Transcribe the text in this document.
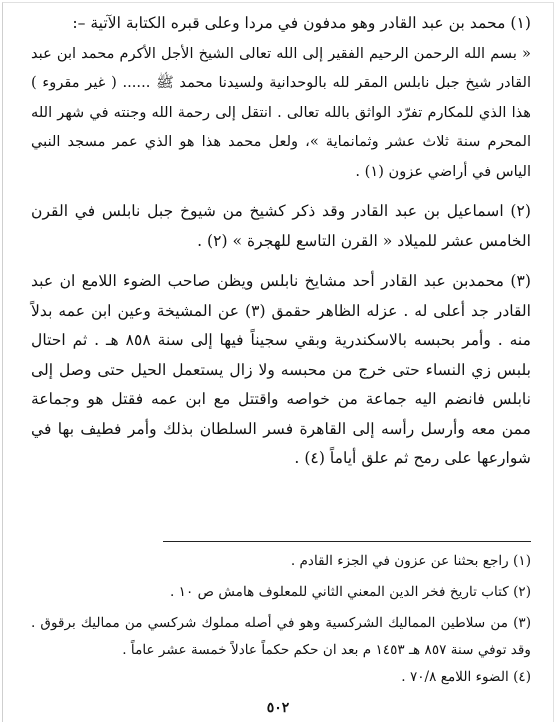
(١) محمد بن عبد القادر وهو مدفون في مردا وعلى قبره الكتابة الآتية –:

« بسم الله الرحمن الرحيم الفقير إلى الله تعالى الشيخ الأجل الأكرم محمد ابن عبد القادر شيخ جبل نابلس المقر لله بالوحدانية ولسيدنا محمد ﷺ ...... ( غير مقروء ) هذا الذي للمكارم تفرّد الواثق بالله تعالى . انتقل إلى رحمة الله وجنته في شهر الله المحرم سنة ثلاث عشر وثمانماية »، ولعل محمد هذا هو الذي عمر مسجد النبي الياس في أراضي عزون (١) .

(٢) اسماعيل بن عبد القادر وقد ذكر كشيخ من شيوخ جبل نابلس في القرن الخامس عشر للميلاد « القرن التاسع للهجرة » (٢) .

(٣) محمدبن عبد القادر أحد مشايخ نابلس ويظن صاحب الضوء اللامع ان عبد القادر جد أعلى له . عزله الظاهر حقمق (٣) عن المشيخة وعين ابن عمه بدلاً منه . وأمر بحبسه بالاسكندرية وبقي سجيناً فيها إلى سنة ٨٥٨ هـ . ثم احتال بلبس زي النساء حتى خرج من محبسه ولا زال يستعمل الحيل حتى وصل إلى نابلس فانضم اليه جماعة من خواصه واقتتل مع ابن عمه فقتل هو وجماعة ممن معه وأرسل رأسه إلى القاهرة فسر السلطان بذلك وأمر فطيف بها في شوارعها على رمح ثم علق أياماً (٤) .

(١) راجع بحثنا عن عزون في الجزء القادم .

(٢) كتاب تاريخ فخر الدين المعني الثاني للمعلوف هامش ص ١٠ .

(٣) من سلاطين المماليك الشركسية وهو في أصله مملوك شركسي من مماليك برقوق . وقد توفي سنة ٨٥٧ هـ ١٤٥٣ م بعد ان حكم حكماً عادلاً خمسة عشر عاماً .

(٤) الضوء اللامع ٧٠/٨ .

٥٠٢
